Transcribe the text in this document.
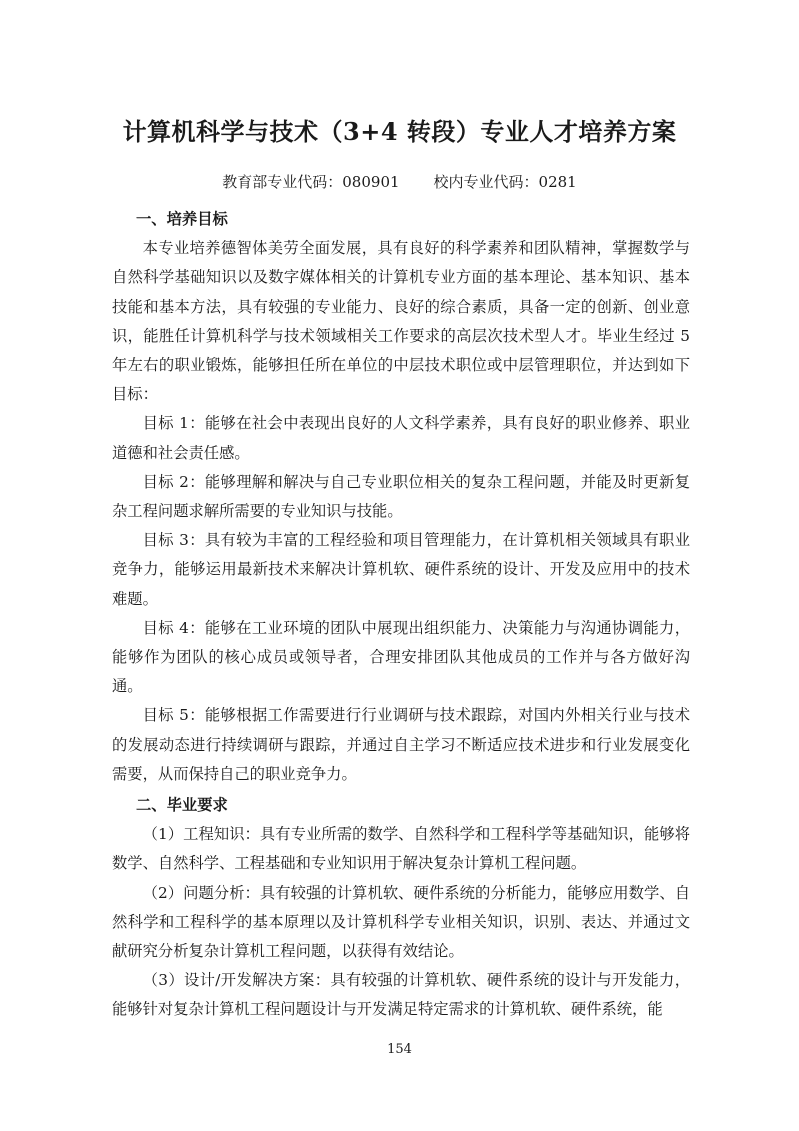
计算机科学与技术（3+4 转段）专业人才培养方案
教育部专业代码：080901 校内专业代码：0281
一、培养目标

本专业培养德智体美劳全面发展，具有良好的科学素养和团队精神，掌握数学与自然科学基础知识以及数字媒体相关的计算机专业方面的基本理论、基本知识、基本技能和基本方法，具有较强的专业能力、良好的综合素质，具备一定的创新、创业意识，能胜任计算机科学与技术领域相关工作要求的高层次技术型人才。毕业生经过 5 年左右的职业锻炼，能够担任所在单位的中层技术职位或中层管理职位，并达到如下目标：

目标 1：能够在社会中表现出良好的人文科学素养，具有良好的职业修养、职业道德和社会责任感。

目标 2：能够理解和解决与自己专业职位相关的复杂工程问题，并能及时更新复杂工程问题求解所需要的专业知识与技能。

目标 3：具有较为丰富的工程经验和项目管理能力，在计算机相关领域具有职业竞争力，能够运用最新技术来解决计算机软、硬件系统的设计、开发及应用中的技术难题。

目标 4：能够在工业环境的团队中展现出组织能力、决策能力与沟通协调能力，能够作为团队的核心成员或领导者，合理安排团队其他成员的工作并与各方做好沟通。

目标 5：能够根据工作需要进行行业调研与技术跟踪，对国内外相关行业与技术的发展动态进行持续调研与跟踪，并通过自主学习不断适应技术进步和行业发展变化需要，从而保持自己的职业竞争力。

二、毕业要求

（1）工程知识：具有专业所需的数学、自然科学和工程科学等基础知识，能够将数学、自然科学、工程基础和专业知识用于解决复杂计算机工程问题。

（2）问题分析：具有较强的计算机软、硬件系统的分析能力，能够应用数学、自然科学和工程科学的基本原理以及计算机科学专业相关知识，识别、表达、并通过文献研究分析复杂计算机工程问题，以获得有效结论。

（3）设计/开发解决方案：具有较强的计算机软、硬件系统的设计与开发能力，能够针对复杂计算机工程问题设计与开发满足特定需求的计算机软、硬件系统，能

154
